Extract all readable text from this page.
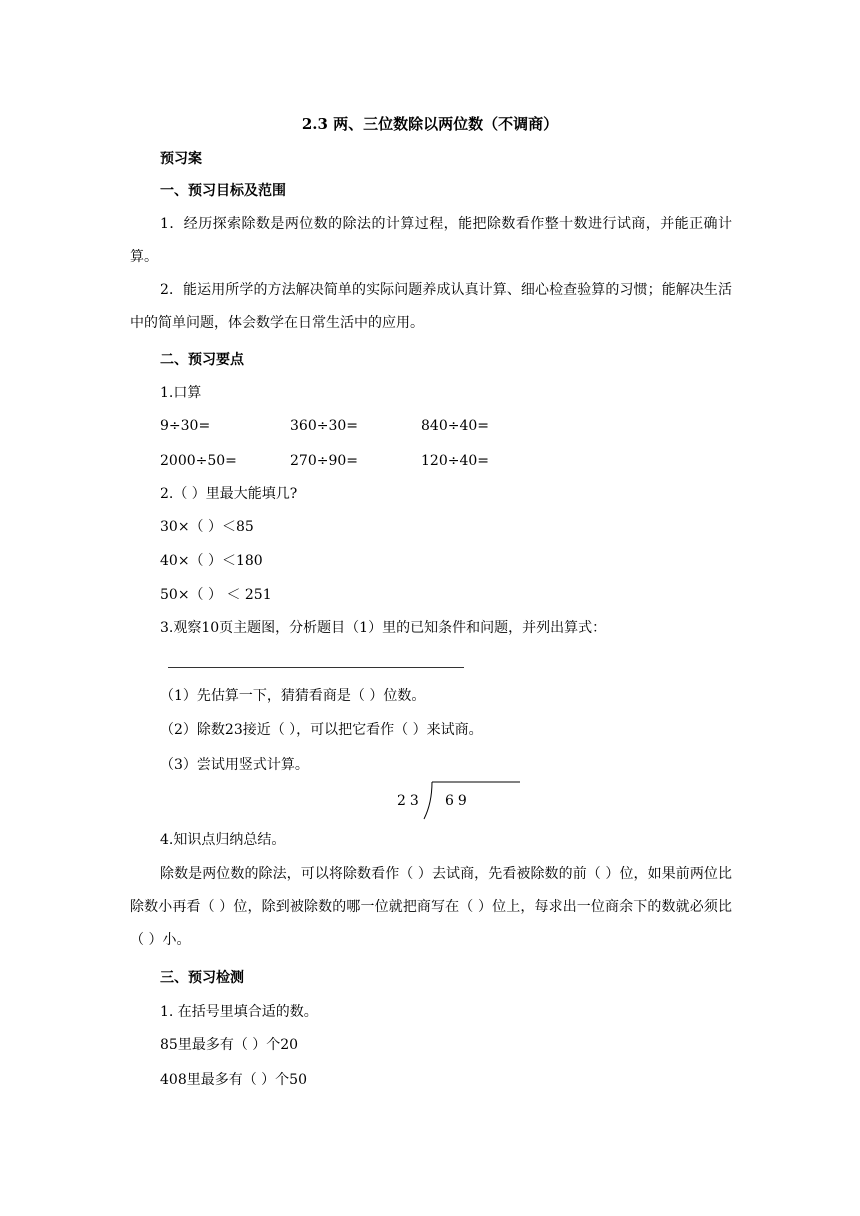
2.3 两、三位数除以两位数（不调商）
预习案
一、预习目标及范围
1．经历探索除数是两位数的除法的计算过程，能把除数看作整十数进行试商，并能正确计算。
2．能运用所学的方法解决简单的实际问题养成认真计算、细心检查验算的习惯；能解决生活中的简单问题，体会数学在日常生活中的应用。
二、预习要点
1.口算
9÷30=	360÷30=	840÷40=
2000÷50=	270÷90=	120÷40=
2.（ ）里最大能填几?
30×（ ）＜85
40×（ ）＜180
50×（ ） ＜ 251
3.观察10页主题图，分析题目（1）里的已知条件和问题，并列出算式：
（1）先估算一下，猜猜看商是（ ）位数。
（2）除数23接近（ ），可以把它看作（ ）来试商。
（3）尝试用竖式计算。
23 69
4.知识点归纳总结。
除数是两位数的除法，可以将除数看作（ ）去试商，先看被除数的前（ ）位，如果前两位比除数小再看（ ）位，除到被除数的哪一位就把商写在（ ）位上，每求出一位商余下的数就必须比（ ）小。
三、预习检测
1. 在括号里填合适的数。
85里最多有（ ）个20
408里最多有（ ）个50
